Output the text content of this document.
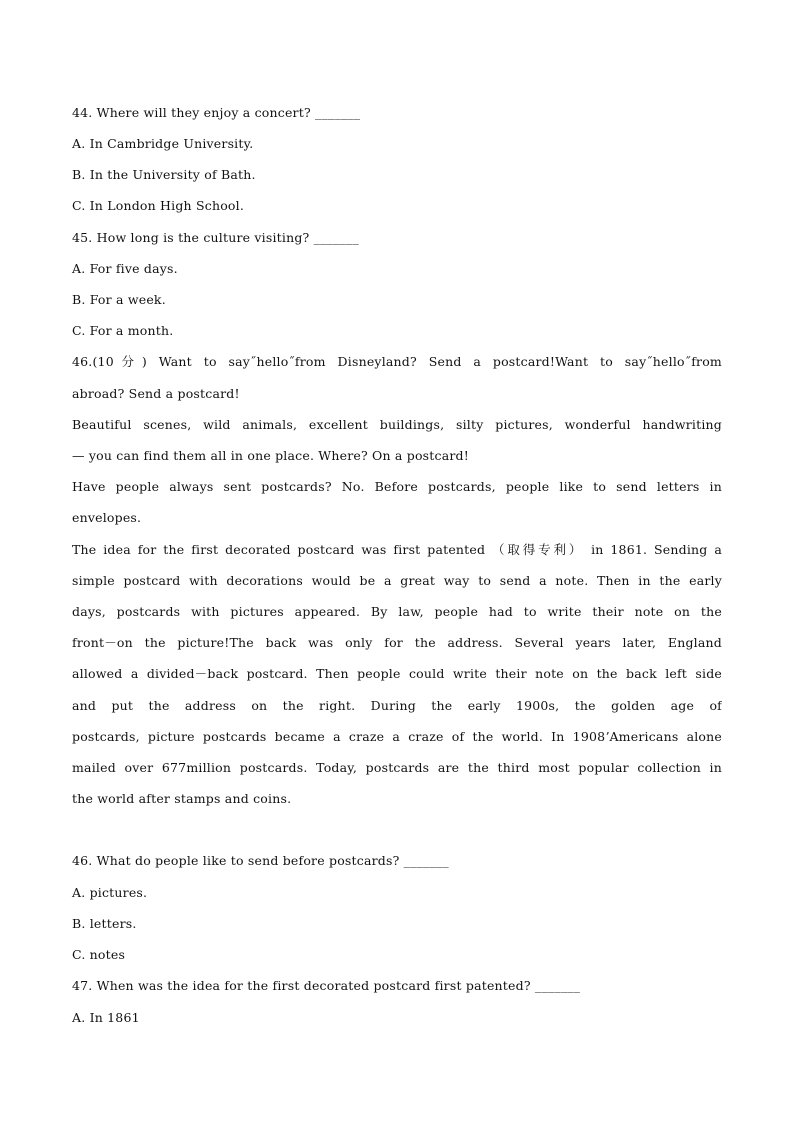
44. Where will they enjoy a concert? _______
A. In Cambridge University.
B. In the University of Bath.
C. In London High School.
45. How long is the culture visiting? _______
A. For five days.
B. For a week.
C. For a month.
46.(10分) Want to say˝hello˝from Disneyland? Send a postcard!Want to say˝hello˝from
abroad? Send a postcard!
Beautiful scenes, wild animals, excellent buildings, silty pictures, wonderful handwriting
— you can find them all in one place. Where? On a postcard!
Have people always sent postcards? No. Before postcards, people like to send letters in
envelopes.
The idea for the first decorated postcard was first patented （取得专利） in 1861. Sending a
simple postcard with decorations would be a great way to send a note. Then in the early
days, postcards with pictures appeared. By law, people had to write their note on the
front－on the picture!The back was only for the address. Several years later, England
allowed a divided－back postcard. Then people could write their note on the back left side
and put the address on the right. During the early 1900s, the golden age of
postcards, picture postcards became a craze a craze of the world. In 1908ʼAmericans alone
mailed over 677million postcards. Today, postcards are the third most popular collection in
the world after stamps and coins.
46. What do people like to send before postcards? _______
A. pictures.
B. letters.
C. notes
47. When was the idea for the first decorated postcard first patented? _______
A. In 1861
